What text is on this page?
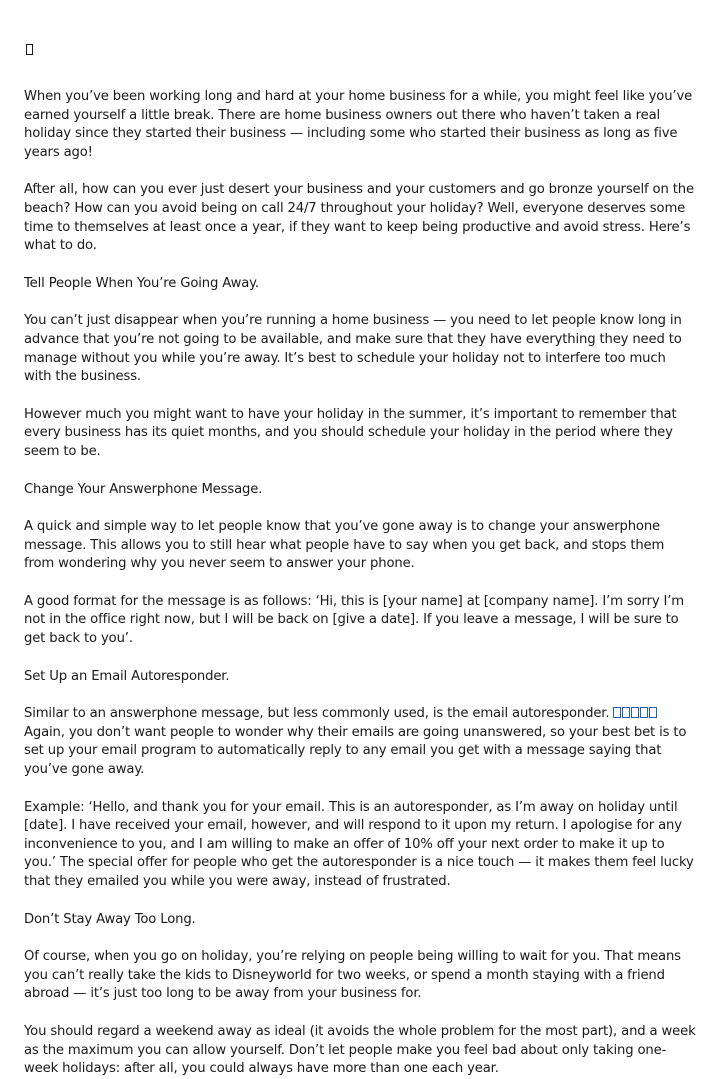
When you’ve been working long and hard at your home business for a while, you might feel like you’ve earned yourself a little break. There are home business owners out there who haven’t taken a real holiday since they started their business — including some who started their business as long as five years ago!

After all, how can you ever just desert your business and your customers and go bronze yourself on the beach? How can you avoid being on call 24/7 throughout your holiday? Well, everyone deserves some time to themselves at least once a year, if they want to keep being productive and avoid stress. Here’s what to do.

Tell People When You’re Going Away.

You can’t just disappear when you’re running a home business — you need to let people know long in advance that you’re not going to be available, and make sure that they have everything they need to manage without you while you’re away. It’s best to schedule your holiday not to interfere too much with the business.

However much you might want to have your holiday in the summer, it’s important to remember that every business has its quiet months, and you should schedule your holiday in the period where they seem to be.

Change Your Answerphone Message.

A quick and simple way to let people know that you’ve gone away is to change your answerphone message. This allows you to still hear what people have to say when you get back, and stops them from wondering why you never seem to answer your phone.

A good format for the message is as follows: ‘Hi, this is [your name] at [company name]. I’m sorry I’m not in the office right now, but I will be back on [give a date]. If you leave a message, I will be sure to get back to you’.

Set Up an Email Autoresponder.

Similar to an answerphone message, but less commonly used, is the email autoresponder.  Again, you don’t want people to wonder why their emails are going unanswered, so your best bet is to set up your email program to automatically reply to any email you get with a message saying that you’ve gone away.

Example: ‘Hello, and thank you for your email. This is an autoresponder, as I’m away on holiday until [date]. I have received your email, however, and will respond to it upon my return. I apologise for any inconvenience to you, and I am willing to make an offer of 10% off your next order to make it up to you.’ The special offer for people who get the autoresponder is a nice touch — it makes them feel lucky that they emailed you while you were away, instead of frustrated.

Don’t Stay Away Too Long.

Of course, when you go on holiday, you’re relying on people being willing to wait for you. That means you can’t really take the kids to Disneyworld for two weeks, or spend a month staying with a friend abroad — it’s just too long to be away from your business for.

You should regard a weekend away as ideal (it avoids the whole problem for the most part), and a week as the maximum you can allow yourself. Don’t let people make you feel bad about only taking one-week holidays: after all, you could always have more than one each year.
